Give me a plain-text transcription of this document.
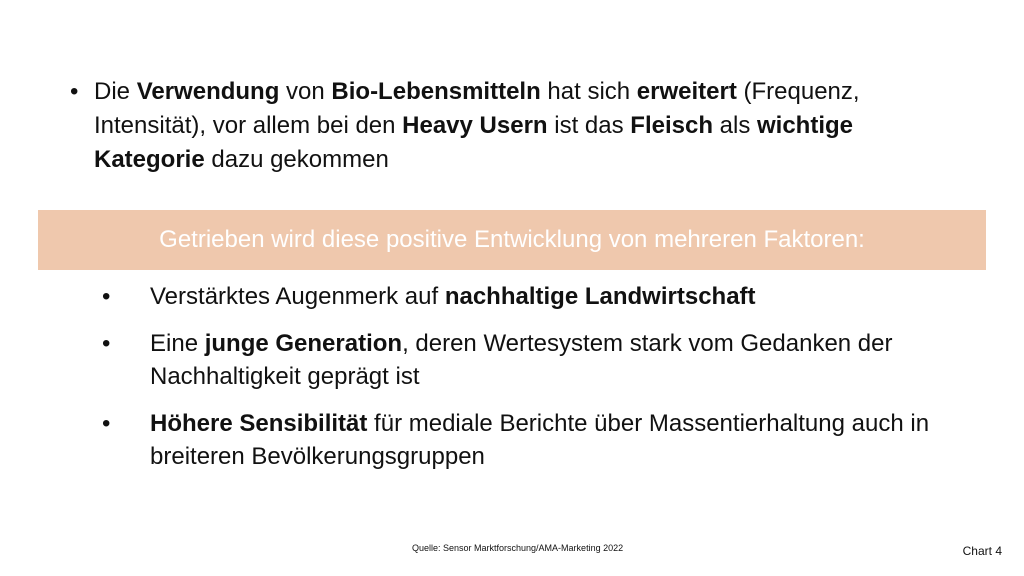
• Die Verwendung von Bio-Lebensmitteln hat sich erweitert (Frequenz, Intensität), vor allem bei den Heavy Usern ist das Fleisch als wichtige Kategorie dazu gekommen
Getrieben wird diese positive Entwicklung von mehreren Faktoren:
•	Verstärktes Augenmerk auf nachhaltige Landwirtschaft
•	Eine junge Generation, deren Wertesystem stark vom Gedanken der Nachhaltigkeit geprägt ist
•	Höhere Sensibilität für mediale Berichte über Massentierhaltung auch in breiteren Bevölkerungsgruppen
Quelle: Sensor Marktforschung/AMA-Marketing 2022	Chart 4
